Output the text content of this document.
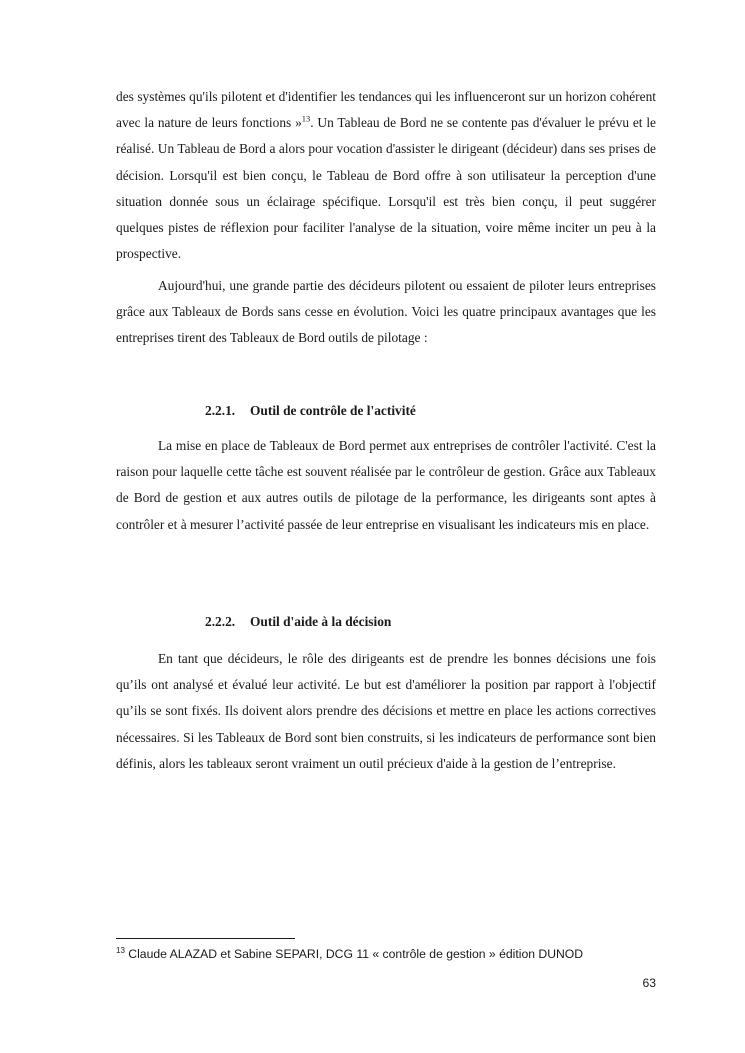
des systèmes qu'ils pilotent et d'identifier les tendances qui les influenceront sur un horizon cohérent avec la nature de leurs fonctions »$^{13}$. Un Tableau de Bord ne se contente pas d'évaluer le prévu et le réalisé. Un Tableau de Bord a alors pour vocation d'assister le dirigeant (décideur) dans ses prises de décision. Lorsqu'il est bien conçu, le Tableau de Bord offre à son utilisateur la perception d'une situation donnée sous un éclairage spécifique. Lorsqu'il est très bien conçu, il peut suggérer quelques pistes de réflexion pour faciliter l'analyse de la situation, voire même inciter un peu à la prospective.

Aujourd'hui, une grande partie des décideurs pilotent ou essaient de piloter leurs entreprises grâce aux Tableaux de Bords sans cesse en évolution. Voici les quatre principaux avantages que les entreprises tirent des Tableaux de Bord outils de pilotage :

2.2.1. Outil de contrôle de l'activité

La mise en place de Tableaux de Bord permet aux entreprises de contrôler l'activité. C'est la raison pour laquelle cette tâche est souvent réalisée par le contrôleur de gestion. Grâce aux Tableaux de Bord de gestion et aux autres outils de pilotage de la performance, les dirigeants sont aptes à contrôler et à mesurer l’activité passée de leur entreprise en visualisant les indicateurs mis en place.

2.2.2. Outil d'aide à la décision

En tant que décideurs, le rôle des dirigeants est de prendre les bonnes décisions une fois qu’ils ont analysé et évalué leur activité. Le but est d'améliorer la position par rapport à l'objectif qu’ils se sont fixés. Ils doivent alors prendre des décisions et mettre en place les actions correctives nécessaires. Si les Tableaux de Bord sont bien construits, si les indicateurs de performance sont bien définis, alors les tableaux seront vraiment un outil précieux d'aide à la gestion de l’entreprise.

$^{13}$ Claude ALAZAD et Sabine SEPARI, DCG 11 « contrôle de gestion » édition DUNOD
63
